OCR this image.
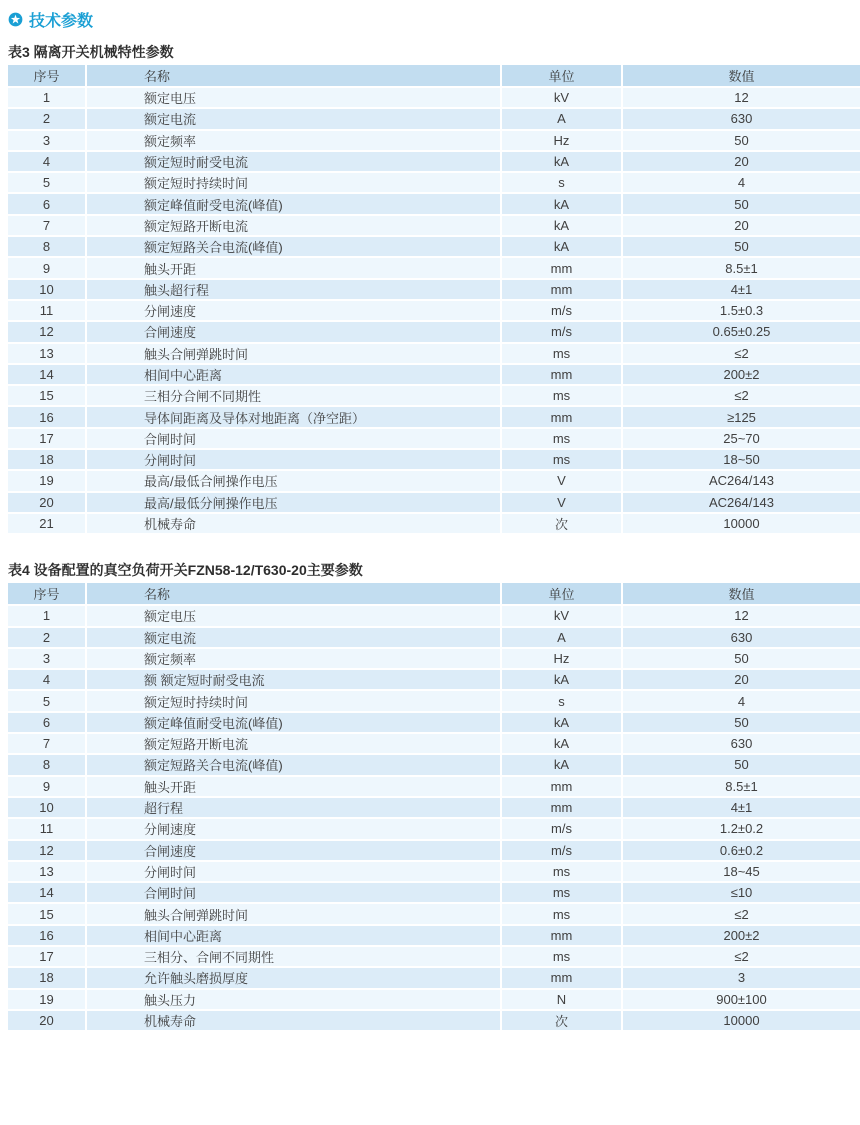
技术参数

表3 隔离开关机械特性参数

序号	名称	单位	数值
1	额定电压	kV	12
2	额定电流	A	630
3	额定频率	Hz	50
4	额定短时耐受电流	kA	20
5	额定短时持续时间	s	4
6	额定峰值耐受电流(峰值)	kA	50
7	额定短路开断电流	kA	20
8	额定短路关合电流(峰值)	kA	50
9	触头开距	mm	8.5±1
10	触头超行程	mm	4±1
11	分闸速度	m/s	1.5±0.3
12	合闸速度	m/s	0.65±0.25
13	触头合闸弹跳时间	ms	≤2
14	相间中心距离	mm	200±2
15	三相分合闸不同期性	ms	≤2
16	导体间距离及导体对地距离（净空距）	mm	≥125
17	合闸时间	ms	25~70
18	分闸时间	ms	18~50
19	最高/最低合闸操作电压	V	AC264/143
20	最高/最低分闸操作电压	V	AC264/143
21	机械寿命	次	10000

表4 设备配置的真空负荷开关FZN58-12/T630-20主要参数

序号	名称	单位	数值
1	额定电压	kV	12
2	额定电流	A	630
3	额定频率	Hz	50
4	额 额定短时耐受电流	kA	20
5	额定短时持续时间	s	4
6	额定峰值耐受电流(峰值)	kA	50
7	额定短路开断电流	kA	630
8	额定短路关合电流(峰值)	kA	50
9	触头开距	mm	8.5±1
10	超行程	mm	4±1
11	分闸速度	m/s	1.2±0.2
12	合闸速度	m/s	0.6±0.2
13	分闸时间	ms	18~45
14	合闸时间	ms	≤10
15	触头合闸弹跳时间	ms	≤2
16	相间中心距离	mm	200±2
17	三相分、合闸不同期性	ms	≤2
18	允许触头磨损厚度	mm	3
19	触头压力	N	900±100
20	机械寿命	次	10000
